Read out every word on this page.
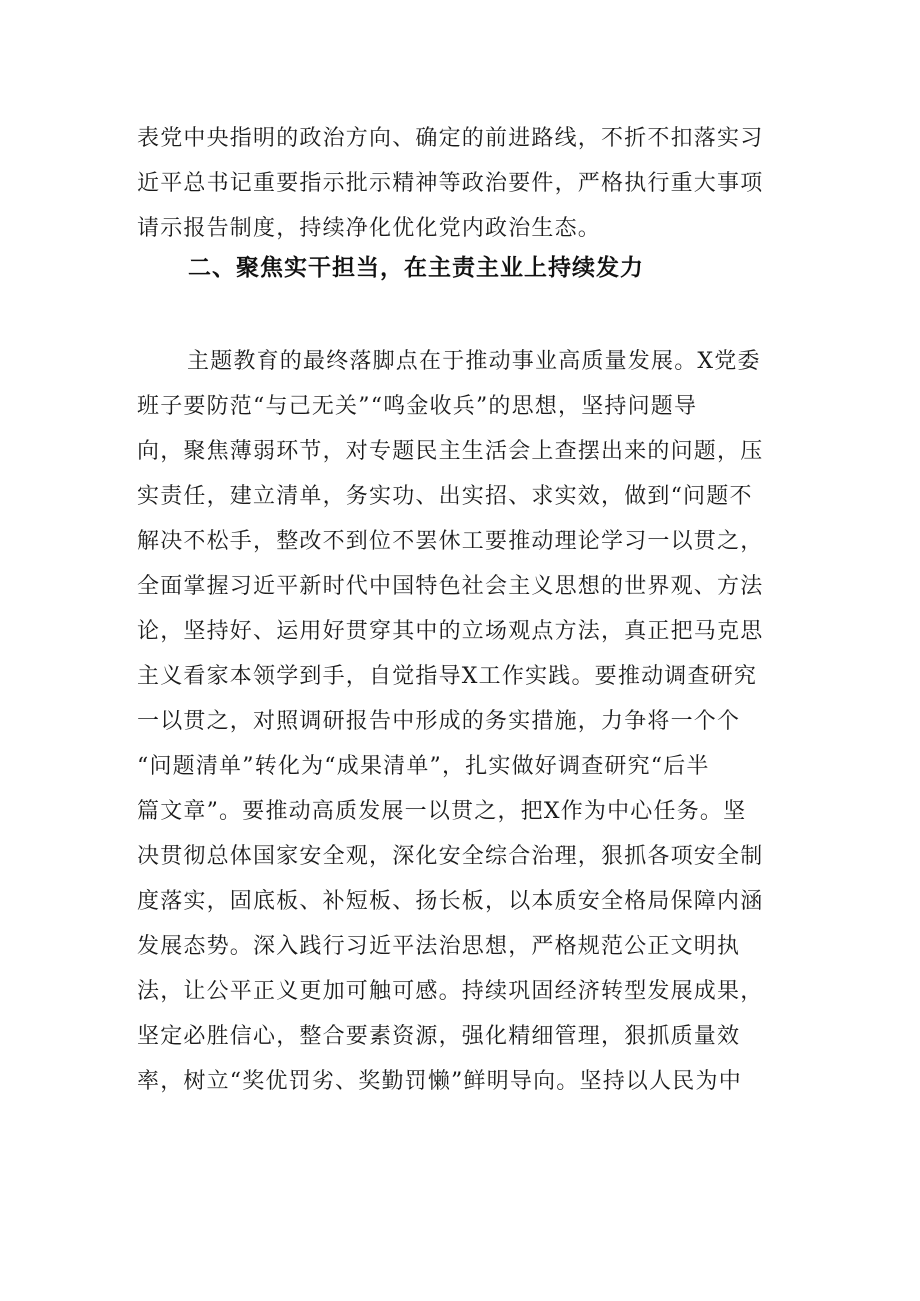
表党中央指明的政治方向、确定的前进路线，不折不扣落实习
近平总书记重要指示批示精神等政治要件，严格执行重大事项
请示报告制度，持续净化优化党内政治生态。
二、聚焦实干担当，在主责主业上持续发力
主题教育的最终落脚点在于推动事业高质量发展。X党委
班子要防范“与己无关”“鸣金收兵”的思想，坚持问题导
向，聚焦薄弱环节，对专题民主生活会上查摆出来的问题，压
实责任，建立清单，务实功、出实招、求实效，做到“问题不
解决不松手，整改不到位不罢休工要推动理论学习一以贯之，
全面掌握习近平新时代中国特色社会主义思想的世界观、方法
论，坚持好、运用好贯穿其中的立场观点方法，真正把马克思
主义看家本领学到手，自觉指导X工作实践。要推动调查研究
一以贯之，对照调研报告中形成的务实措施，力争将一个个
“问题清单”转化为“成果清单”，扎实做好调查研究“后半
篇文章”。要推动高质发展一以贯之，把X作为中心任务。坚
决贯彻总体国家安全观，深化安全综合治理，狠抓各项安全制
度落实，固底板、补短板、扬长板，以本质安全格局保障内涵
发展态势。深入践行习近平法治思想，严格规范公正文明执
法，让公平正义更加可触可感。持续巩固经济转型发展成果，
坚定必胜信心，整合要素资源，强化精细管理，狠抓质量效
率，树立“奖优罚劣、奖勤罚懒”鲜明导向。坚持以人民为中
